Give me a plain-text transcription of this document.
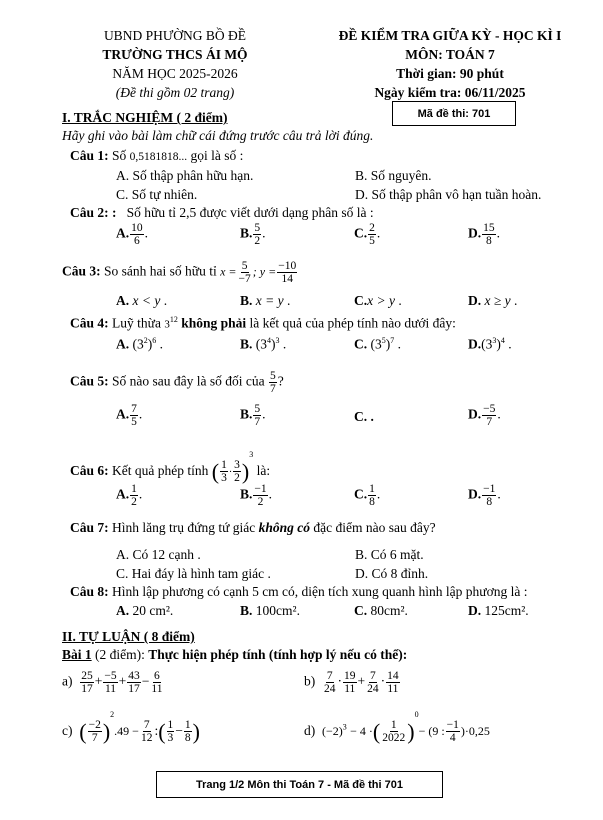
UBND PHƯỜNG BỒ ĐỀ
TRƯỜNG THCS ÁI MỘ
NĂM HỌC 2025-2026
(Đề thi gồm 02 trang)
ĐỀ KIỂM TRA GIỮA KỲ - HỌC KÌ I
MÔN: TOÁN 7
Thời gian: 90 phút
Ngày kiểm tra: 06/11/2025
Mã đề thi: 701
I. TRẮC NGHIỆM ( 2 điểm)
Hãy ghi vào bài làm chữ cái đứng trước câu trả lời đúng.
Câu 1: Số 0,5181818... gọi là số :
A. Số thập phân hữu hạn.	B. Số nguyên.
C. Số tự nhiên.	D. Số thập phân vô hạn tuần hoàn.
Câu 2: : Số hữu tỉ 2,5 được viết dưới dạng phân số là :
A. $\frac{10}{6}$ .	B. $\frac{5}{2}$ .	C. $\frac{2}{5}$ .	D. $\frac{15}{8}$ .
Câu 3: So sánh hai số hữu tỉ $x = \frac{5}{-7}$ ; $y = \frac{-10}{14}$
A. x < y .	B. x = y .	C.x > y .	D. x ≥ y .
Câu 4: Luỹ thừa $3^{12}$ không phải là kết quả của phép tính nào dưới đây:
A. $(3^2)^6$ .	B. $(3^4)^3$ .	C. $(3^5)^7$ .	$D.(3^3)^4$ .
Câu 5: Số nào sau đây là số đối của $\frac{5}{7}$ ?
A. $\frac{7}{5}$ .	B. $\frac{5}{7}$ .	C. .	D. $\frac{-5}{7}$ .
Câu 6: Kết quả phép tính ( $\frac{1}{3} \cdot \frac{3}{2} )^3$ là:
A. $\frac{1}{2}$ .	B. $\frac{-1}{2}$ .	C. $\frac{1}{8}$ .	D. $\frac{-1}{8}$ .
Câu 7: Hình lăng trụ đứng tứ giác không có đặc điểm nào sau đây?
A. Có 12 cạnh .	B. Có 6 mặt.
C. Hai đáy là hình tam giác .	D. Có 8 đỉnh.
Câu 8: Hình lập phương có cạnh 5 cm có, diện tích xung quanh hình lập phương là :
A. 20 cm².	B. 100cm².	C. 80cm².	D. 125cm².
II. TỰ LUẬN ( 8 điểm)
Bài 1 (2 điểm): Thực hiện phép tính (tính hợp lý nếu có thể):
$a) \frac{25}{17} + \frac{-5}{11} + \frac{43}{17} - \frac{6}{11}$	$b) \frac{7}{24} \cdot \frac{19}{11} + \frac{7}{24} \cdot \frac{14}{11}$
c) ( $\frac{-2}{7} )^2.49 - \frac{7}{12}$ :( $\frac{1}{3} - \frac{1}{8}$ )	d) $(-2)^3 - 4$ ·( $\frac{1}{2022} )^0- (9$ : $\frac{-1}{4} )\cdot 0,25$
Trang 1/2 Môn thi Toán 7 - Mã đề thi 701
